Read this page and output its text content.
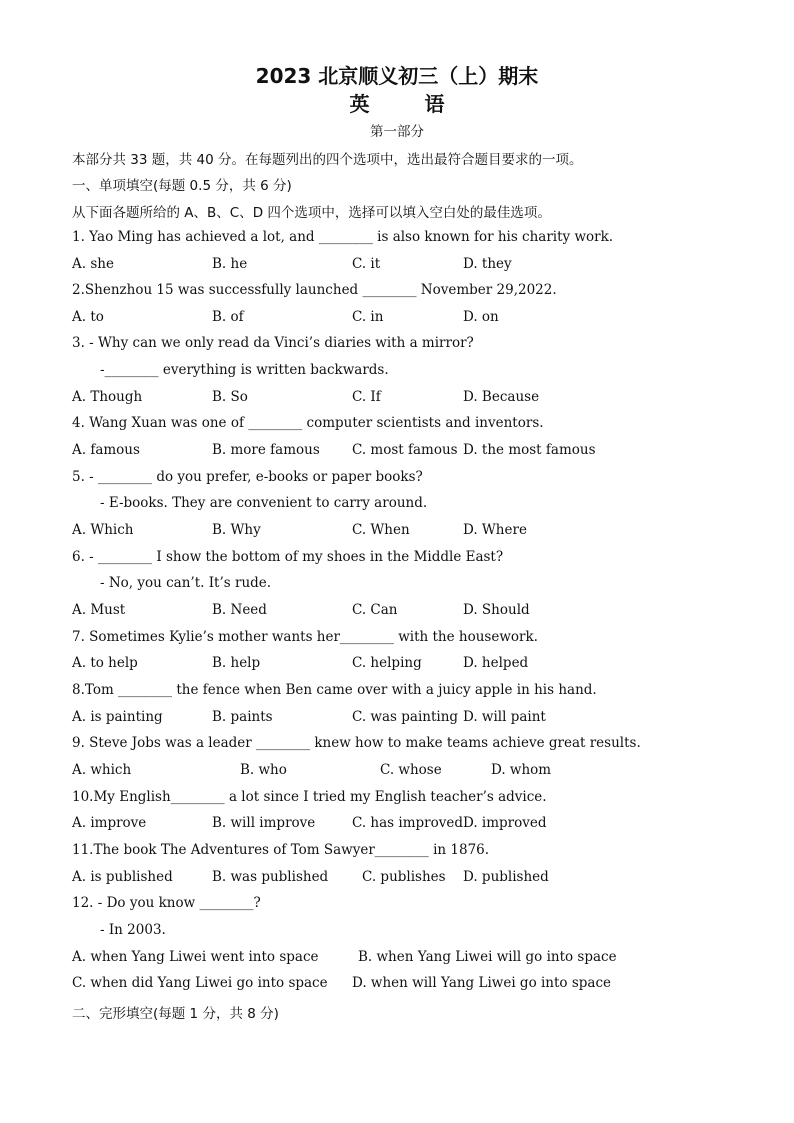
2023 北京顺义初三（上）期末
英	语
第一部分
本部分共 33 题，共 40 分。在每题列出的四个选项中，选出最符合题目要求的一项。
一、单项填空(每题 0.5 分，共 6 分)
从下面各题所给的 A、B、C、D 四个选项中，选择可以填入空白处的最佳选项。
1. Yao Ming has achieved a lot, and ________ is also known for his charity work.
A. she	B. he	C. it	D. they
2.Shenzhou 15 was successfully launched ________ November 29,2022.
A. to	B. of	C. in	D. on
3. - Why can we only read da Vinci’s diaries with a mirror?
-________ everything is written backwards.
A. Though	B. So	C. If	D. Because
4. Wang Xuan was one of ________ computer scientists and inventors.
A. famous	B. more famous C. most famous D. the most famous
5. - ________ do you prefer, e-books or paper books?
- E-books. They are convenient to carry around.
A. Which	B. Why	C. When	D. Where
6. - ________ I show the bottom of my shoes in the Middle East?
- No, you can’t. It’s rude.
A. Must	B. Need	C. Can	D. Should
7. Sometimes Kylie’s mother wants her________ with the housework.
A. to help	B. help	C. helping	D. helped
8.Tom ________ the fence when Ben came over with a juicy apple in his hand.
A. is painting	B. paints	C. was painting D. will paint
9. Steve Jobs was a leader ________ knew how to make teams achieve great results.
A. which	B. who	C. whose	D. whom
10.My English________ a lot since I tried my English teacher’s advice.
A. improve	B. will improve	C. has improved D. improved
11.The book The Adventures of Tom Sawyer________ in 1876.
A. is published	B. was published	C. publishes D. published
12. - Do you know ________?
- In 2003.
A. when Yang Liwei went into space	B. when Yang Liwei will go into space
C. when did Yang Liwei go into space D. when will Yang Liwei go into space
二、完形填空(每题 1 分，共 8 分)
